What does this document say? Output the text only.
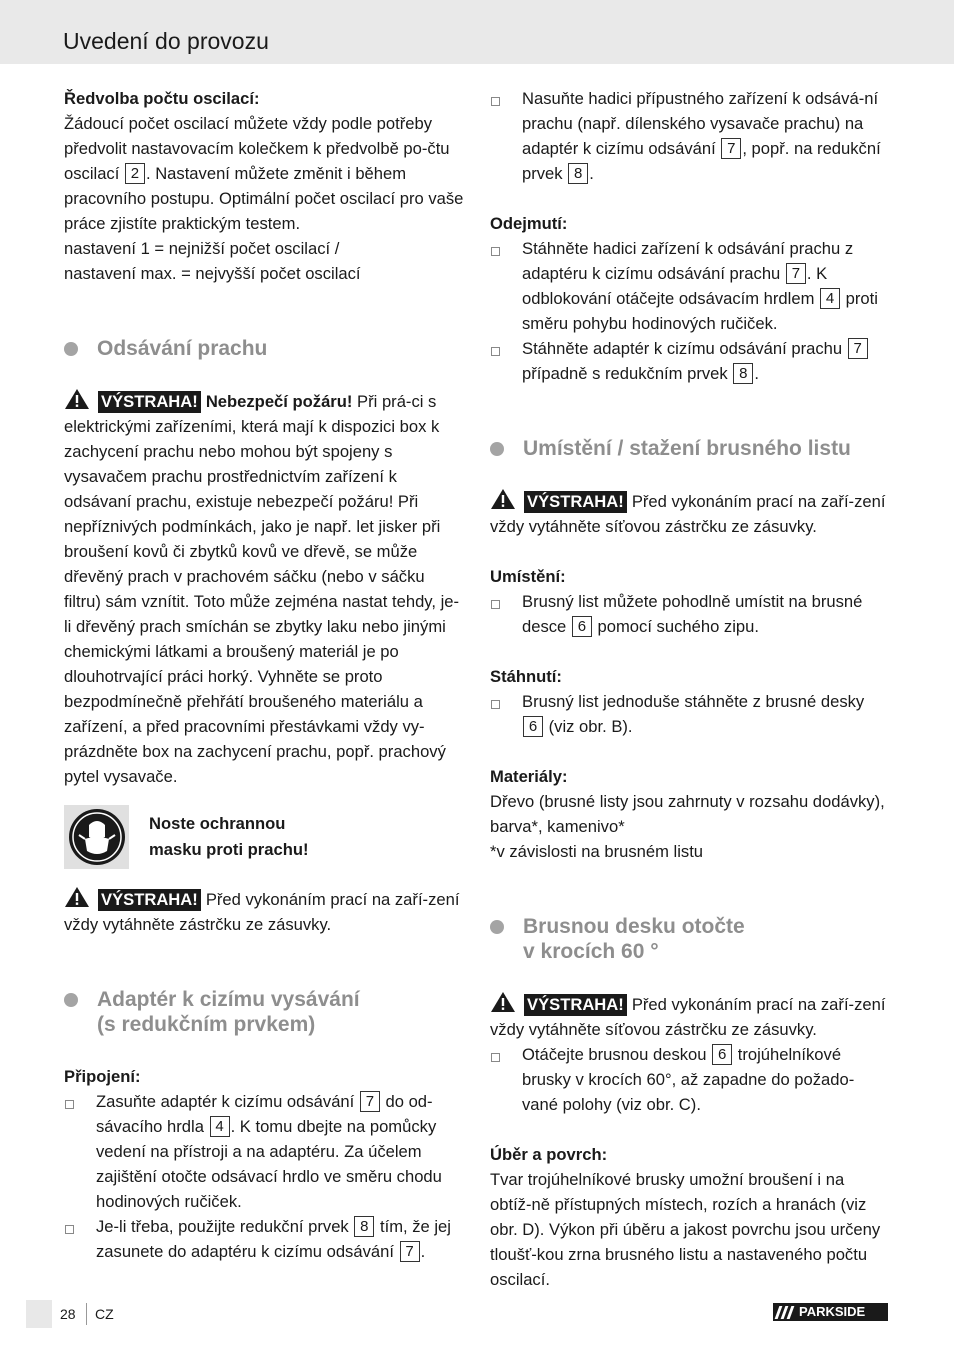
Uvedení do provozu

Ředvolba počtu oscilací:

Žádoucí počet oscilací můžete vždy podle potřeby předvolit nastavovacím kolečkem k předvolbě po-čtu oscilací 2 . Nastavení můžete změnit i během pracovního postupu. Optimální počet oscilací pro vaše práce zjistíte praktickým testem.

nastavení 1 = nejnižší počet oscilací /

nastavení max. = nejvyšší počet oscilací

Odsávání prachu

VÝSTRAHA! Nebezpečí požáru! Při prá-ci s elektrickými zařízeními, která mají k dispozici box k zachycení prachu nebo mohou být spojeny s vysavačem prachu prostřednictvím zařízení k odsávaní prachu, existuje nebezpečí požáru! Při nepříznivých podmínkách, jako je např. let jisker při broušení kovů či zbytků kovů ve dřevě, se může dřevěný prach v prachovém sáčku (nebo v sáčku filtru) sám vznítit. Toto může zejména nastat tehdy, je-li dřevěný prach smíchán se zbytky laku nebo jinými chemickými látkami a broušený materiál je po dlouhotrvající práci horký. Vyhněte se proto bezpodmínečně přehřátí broušeného materiálu a zařízení, a před pracovními přestávkami vždy vy-prázdněte box na zachycení prachu, popř. prachový pytel vysavače.

Noste ochrannou
masku proti prachu!

VÝSTRAHA! Před vykonáním prací na zaří-zení vždy vytáhněte zástrčku ze zásuvky.

Adaptér k cizímu vysávání
(s redukčním prvkem)

Připojení:

Zasuňte adaptér k cizímu odsávání 7 do od-sávacího hrdla 4 . K tomu dbejte na pomůcky vedení na přístroji a na adaptéru. Za účelem zajištění otočte odsávací hrdlo ve směru chodu hodinových ručiček.
Je-li třeba, použijte redukční prvek 8 tím, že jej zasunete do adaptéru k cizímu odsávání 7 .
Nasuňte hadici přípustného zařízení k odsává-ní prachu (např. dílenského vysavače prachu) na adaptér k cizímu odsávání 7 , popř. na redukční prvek 8 .

Odejmutí:

Stáhněte hadici zařízení k odsávání prachu z adaptéru k cizímu odsávání prachu 7 . K odblokování otáčejte odsávacím hrdlem 4 proti směru pohybu hodinových ručiček.
Stáhněte adaptér k cizímu odsávání prachu 7 případně s redukčním prvek 8 .
Umístění / stažení brusného listu

VÝSTRAHA! Před vykonáním prací na zaří-zení vždy vytáhněte síťovou zástrčku ze zásuvky.

Umístění:

Brusný list můžete pohodlně umístit na brusné desce 6 pomocí suchého zipu.

Stáhnutí:

Brusný list jednoduše stáhněte z brusné desky 6 (viz obr. B).

Materiály:

Dřevo (brusné listy jsou zahrnuty v rozsahu dodávky), barva*, kamenivo*

*v závislosti na brusném listu

Brusnou desku otočte
v krocích 60 °

VÝSTRAHA! Před vykonáním prací na zaří-zení vždy vytáhněte síťovou zástrčku ze zásuvky.

Otáčejte brusnou deskou 6 trojúhelníkové brusky v krocích 60°, až zapadne do požado-vané polohy (viz obr. C).

Úběr a povrch:

Tvar trojúhelníkové brusky umožní broušení i na obtíž-ně přístupných místech, rozích a hranách (viz obr. D). Výkon při úběru a jakost povrchu jsou určeny tloušť-kou zrna brusného listu a nastaveného počtu oscilací.

28 CZ	PARKSIDE
